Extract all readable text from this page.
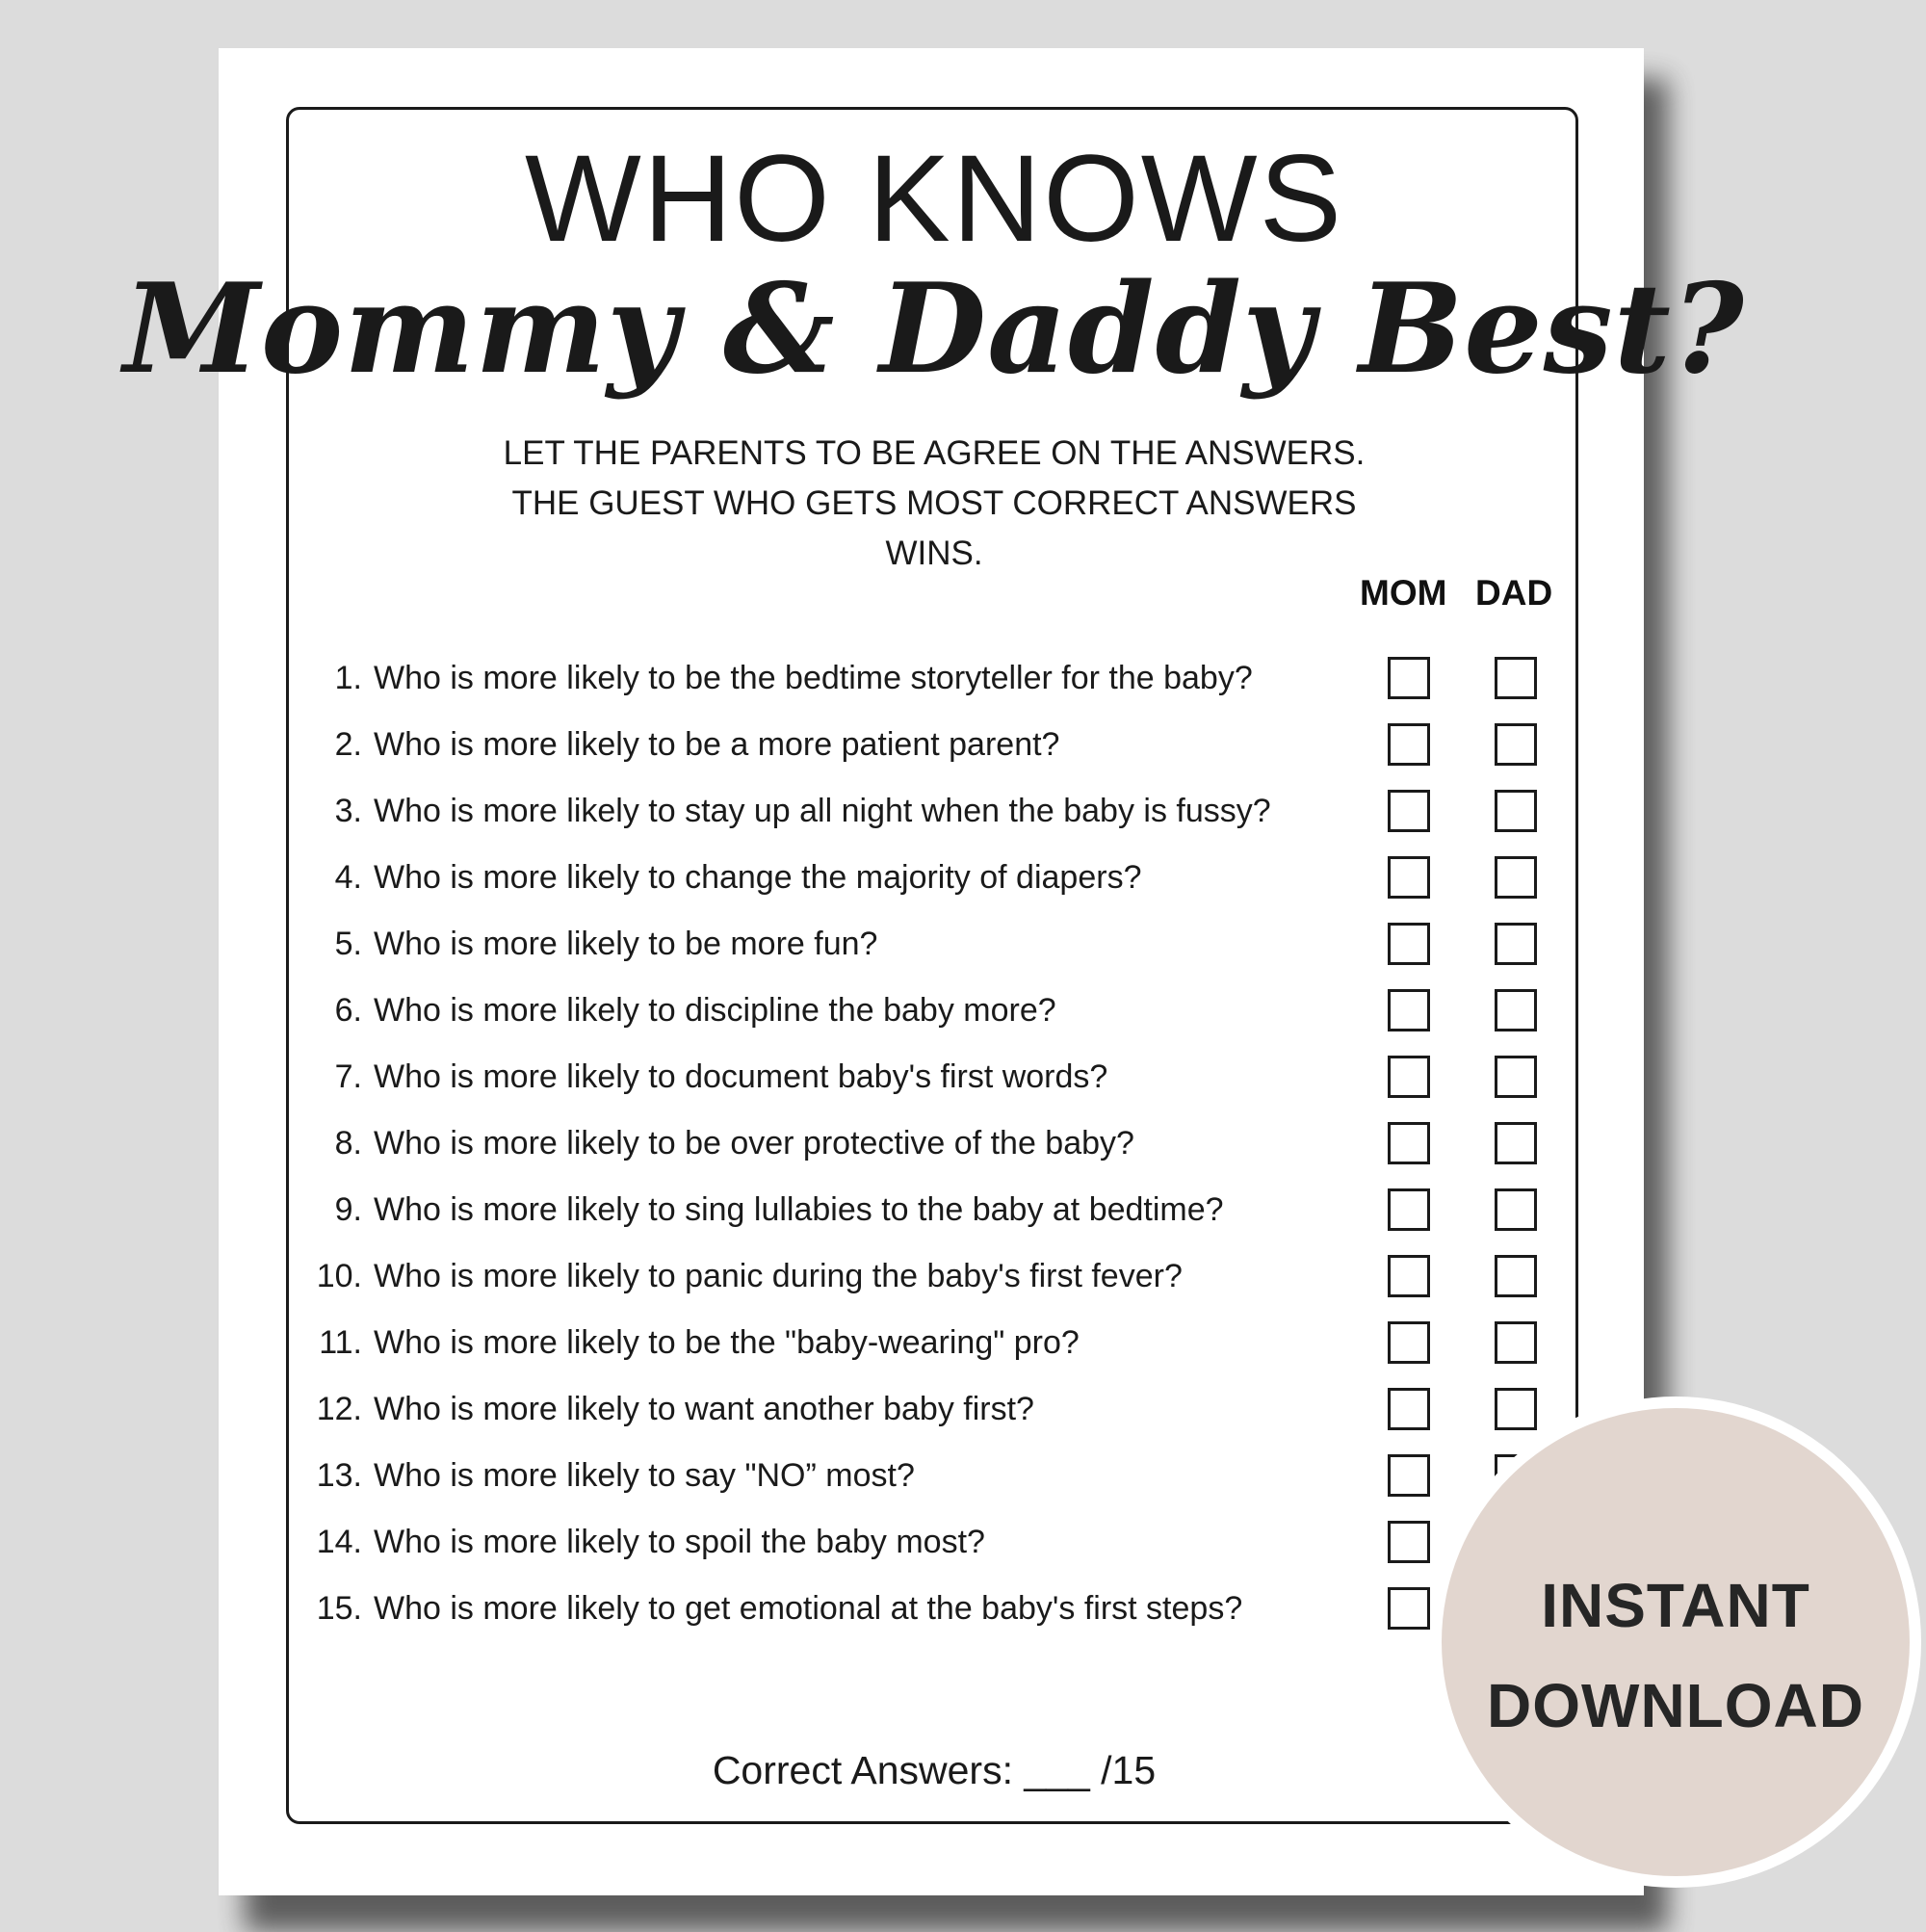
WHO KNOWS
Mommy & Daddy Best?
LET THE PARENTS TO BE AGREE ON THE ANSWERS.
THE GUEST WHO GETS MOST CORRECT ANSWERS
WINS.
MOM DAD
1. Who is more likely to be the bedtime storyteller for the baby?
2. Who is more likely to be a more patient parent?
3. Who is more likely to stay up all night when the baby is fussy?
4. Who is more likely to change the majority of diapers?
5. Who is more likely to be more fun?
6. Who is more likely to discipline the baby more?
7. Who is more likely to document baby's first words?
8. Who is more likely to be over protective of the baby?
9. Who is more likely to sing lullabies to the baby at bedtime?
10. Who is more likely to panic during the baby's first fever?
11. Who is more likely to be the "baby-wearing" pro?
12. Who is more likely to want another baby first?
13. Who is more likely to say "NO” most?
14. Who is more likely to spoil the baby most?
15. Who is more likely to get emotional at the baby's first steps?
Correct Answers: ___ /15
INSTANT
DOWNLOAD
